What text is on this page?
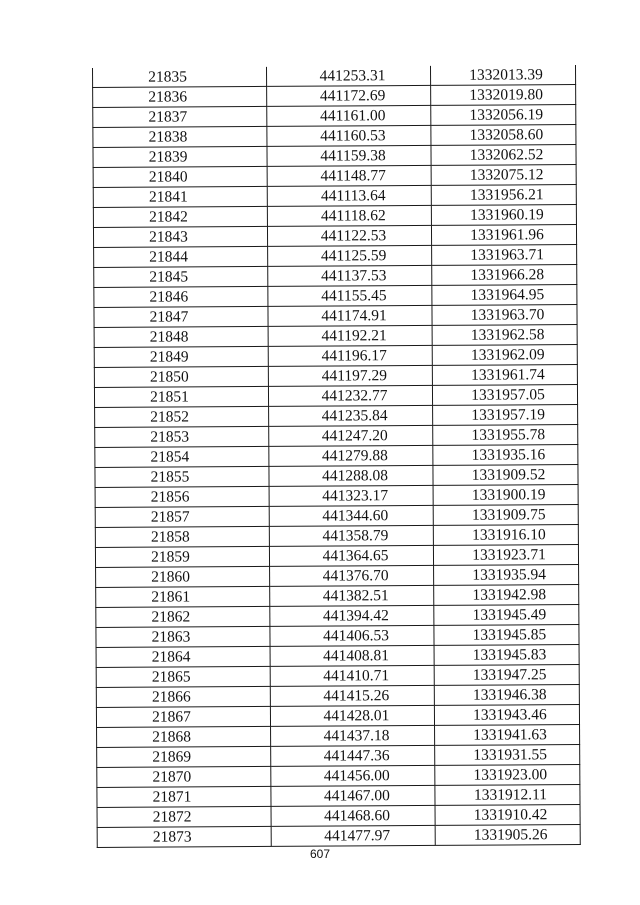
21835	441253.31	1332013.39
21836	441172.69	1332019.80
21837	441161.00	1332056.19
21838	441160.53	1332058.60
21839	441159.38	1332062.52
21840	441148.77	1332075.12
21841	441113.64	1331956.21
21842	441118.62	1331960.19
21843	441122.53	1331961.96
21844	441125.59	1331963.71
21845	441137.53	1331966.28
21846	441155.45	1331964.95
21847	441174.91	1331963.70
21848	441192.21	1331962.58
21849	441196.17	1331962.09
21850	441197.29	1331961.74
21851	441232.77	1331957.05
21852	441235.84	1331957.19
21853	441247.20	1331955.78
21854	441279.88	1331935.16
21855	441288.08	1331909.52
21856	441323.17	1331900.19
21857	441344.60	1331909.75
21858	441358.79	1331916.10
21859	441364.65	1331923.71
21860	441376.70	1331935.94
21861	441382.51	1331942.98
21862	441394.42	1331945.49
21863	441406.53	1331945.85
21864	441408.81	1331945.83
21865	441410.71	1331947.25
21866	441415.26	1331946.38
21867	441428.01	1331943.46
21868	441437.18	1331941.63
21869	441447.36	1331931.55
21870	441456.00	1331923.00
21871	441467.00	1331912.11
21872	441468.60	1331910.42
21873	441477.97	1331905.26
607
